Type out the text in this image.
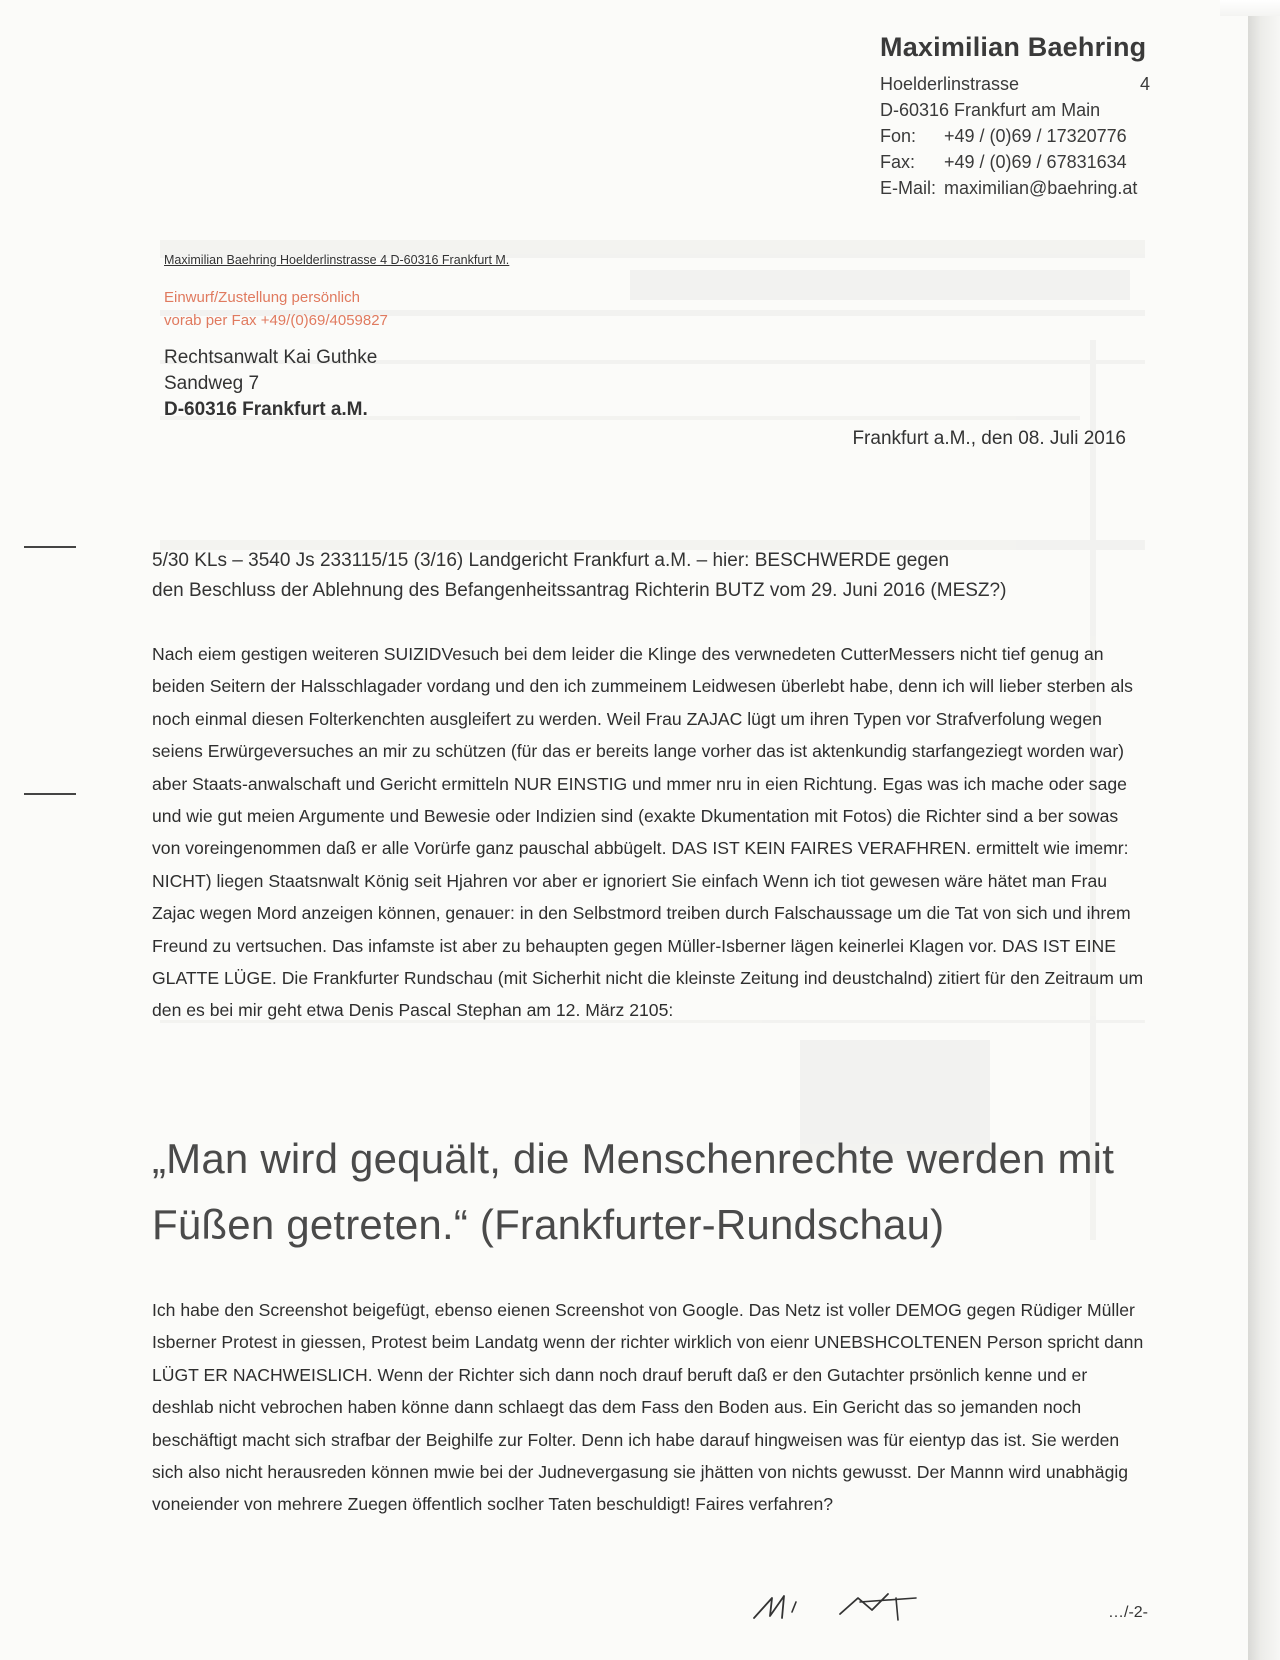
Maximilian Baehring
Hoelderlinstrasse	4
D-60316 Frankfurt am Main
Fon:	+49 / (0)69 / 17320776
Fax:	+49 / (0)69 / 67831634
E-Mail: maximilian@baehring.at
Maximilian Baehring Hoelderlinstrasse 4 D-60316 Frankfurt M.
Einwurf/Zustellung persönlich
vorab per Fax +49/(0)69/4059827
Rechtsanwalt Kai Guthke
Sandweg 7
D-60316 Frankfurt a.M.
Frankfurt a.M., den 08. Juli 2016
5/30 KLs – 3540 Js 233115/15 (3/16) Landgericht Frankfurt a.M. – hier: BESCHWERDE gegen
den Beschluss der Ablehnung des Befangenheitssantrag Richterin BUTZ vom 29. Juni 2016 (MESZ?)

Nach eiem gestigen weiteren SUIZIDVesuch bei dem leider die Klinge des verwnedeten CutterMessers nicht tief genug an beiden Seitern der Halsschlagader vordang und den ich zummeinem Leidwesen überlebt habe, denn ich will lieber sterben als noch einmal diesen Folterkenchten ausgleifert zu werden. Weil Frau ZAJAC lügt um ihren Typen vor Strafverfolung wegen seiens Erwürgeversuches an mir zu schützen (für das er bereits lange vorher das ist aktenkundig starfangeziegt worden war) aber Staats-anwalschaft und Gericht ermitteln NUR EINSTIG und mmer nru in eien Richtung. Egas was ich mache oder sage und wie gut meien Argumente und Bewesie oder Indizien sind (exakte Dkumentation mit Fotos) die Richter sind a ber sowas von voreingenommen daß er alle Vorürfe ganz pauschal abbügelt. DAS IST KEIN FAIRES VERAFHREN. ermittelt wie imemr: NICHT) liegen Staatsnwalt König seit Hjahren vor aber er ignoriert Sie einfach Wenn ich tiot gewesen wäre hätet man Frau Zajac wegen Mord anzeigen können, genauer: in den Selbstmord treiben durch Falschaussage um die Tat von sich und ihrem Freund zu vertsuchen. Das infamste ist aber zu behaupten gegen Müller-Isberner lägen keinerlei Klagen vor. DAS IST EINE GLATTE LÜGE. Die Frankfurter Rundschau (mit Sicherhit nicht die kleinste Zeitung ind deustchalnd) zitiert für den Zeitraum um den es bei mir geht etwa Denis Pascal Stephan am 12. März 2105:

„Man wird gequält, die Menschenrechte werden mit Füßen getreten.“ (Frankfurter-Rundschau)

Ich habe den Screenshot beigefügt, ebenso eienen Screenshot von Google. Das Netz ist voller DEMOG gegen Rüdiger Müller Isberner Protest in giessen, Protest beim Landatg wenn der richter wirklich von eienr UNEBSHCOLTENEN Person spricht dann LÜGT ER NACHWEISLICH. Wenn der Richter sich dann noch drauf beruft daß er den Gutachter prsönlich kenne und er deshlab nicht vebrochen haben könne dann schlaegt das dem Fass den Boden aus. Ein Gericht das so jemanden noch beschäftigt macht sich strafbar der Beighilfe zur Folter. Denn ich habe darauf hingweisen was für eientyp das ist. Sie werden sich also nicht herausreden können mwie bei der Judnevergasung sie jhätten von nichts gewusst. Der Mannn wird unabhägig voneiender von mehrere Zuegen öffentlich soclher Taten beschuldigt! Faires verfahren?

…/-2-
